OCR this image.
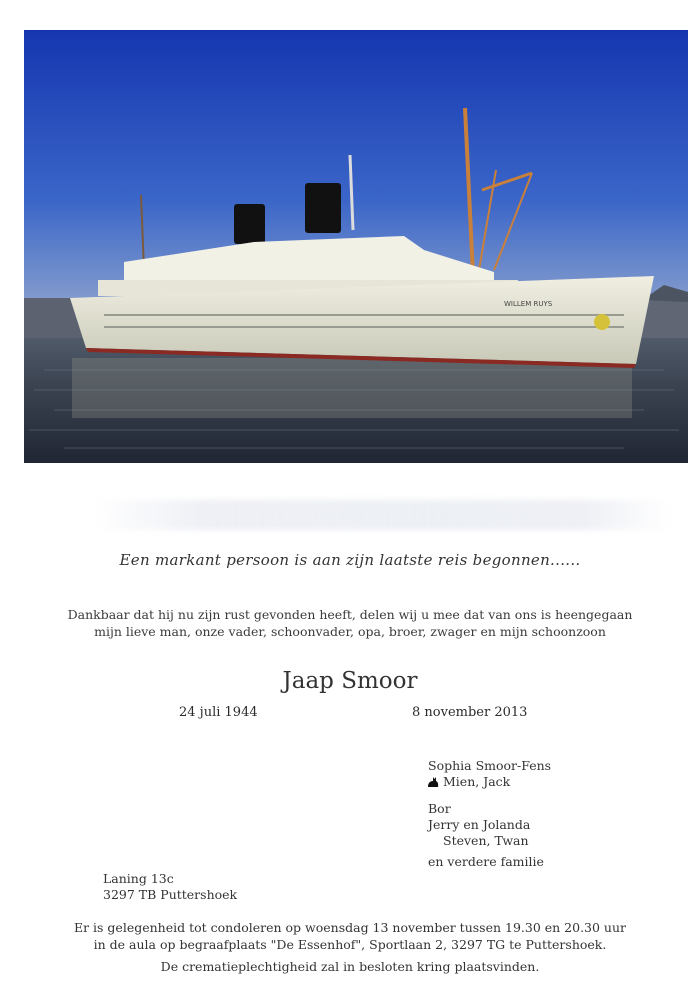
WILLEM RUYS
Een markant persoon is aan zijn laatste reis begonnen......
Dankbaar dat hij nu zijn rust gevonden heeft, delen wij u mee dat van ons is heengegaan
mijn lieve man, onze vader, schoonvader, opa, broer, zwager en mijn schoonzoon
Jaap Smoor
24 juli 1944	8 november 2013
Sophia Smoor-Fens
Mien, Jack
Bor
Jerry en Jolanda
Steven, Twan
en verdere familie
Laning 13c
3297 TB Puttershoek
Er is gelegenheid tot condoleren op woensdag 13 november tussen 19.30 en 20.30 uur
in de aula op begraafplaats "De Essenhof", Sportlaan 2, 3297 TG te Puttershoek.
De crematieplechtigheid zal in besloten kring plaatsvinden.
